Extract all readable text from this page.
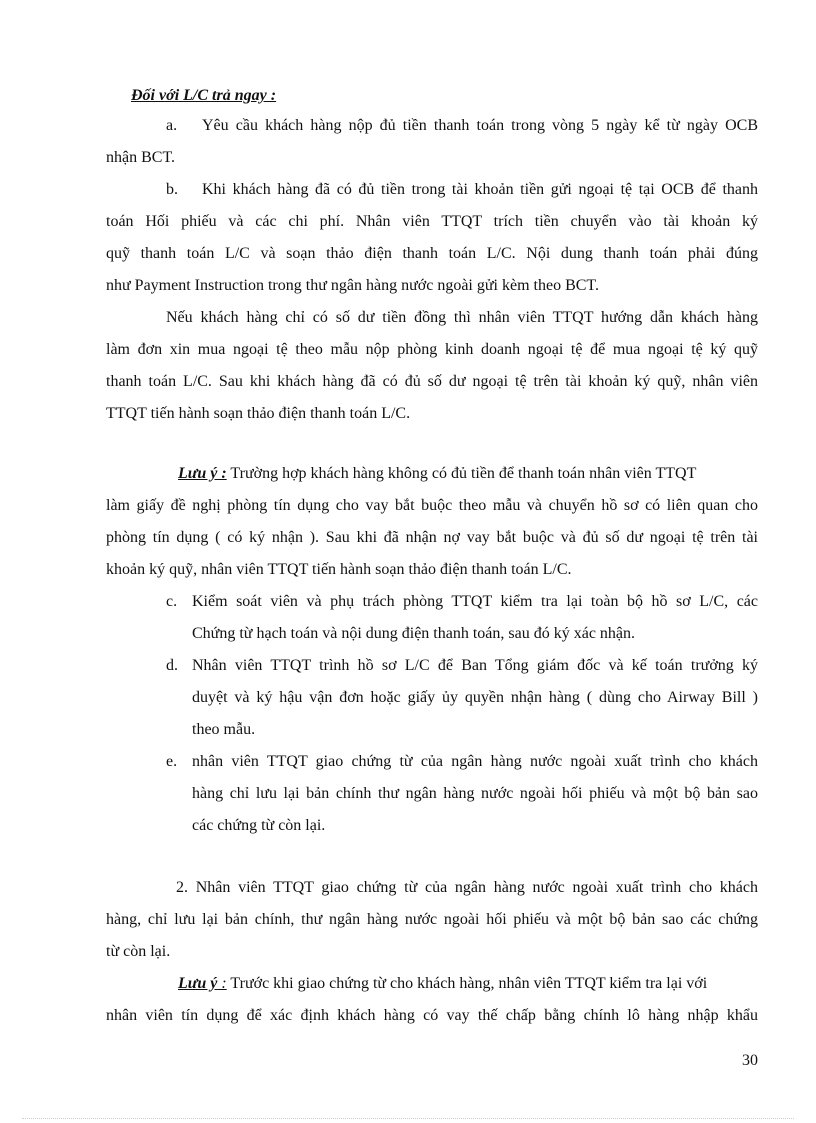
Đối với L/C trả ngay :
a. Yêu cầu khách hàng nộp đủ tiền thanh toán trong vòng 5 ngày kể từ ngày OCB
nhận BCT.
b. Khi khách hàng đã có đủ tiền trong tài khoản tiền gửi ngoại tệ tại OCB để thanh
toán Hối phiếu và các chi phí. Nhân viên TTQT trích tiền chuyển vào tài khoản ký
quỹ thanh toán L/C và soạn thảo điện thanh toán L/C. Nội dung thanh toán phải đúng
như Payment Instruction trong thư ngân hàng nước ngoài gửi kèm theo BCT.
Nếu khách hàng chỉ có số dư tiền đồng thì nhân viên TTQT hướng dẫn khách hàng
làm đơn xin mua ngoại tệ theo mẫu nộp phòng kinh doanh ngoại tệ để mua ngoại tệ ký quỹ
thanh toán L/C. Sau khi khách hàng đã có đủ số dư ngoại tệ trên tài khoản ký quỹ, nhân viên
TTQT tiến hành soạn thảo điện thanh toán L/C.
Lưu ý : Trường hợp khách hàng không có đủ tiền để thanh toán nhân viên TTQT
làm giấy đề nghị phòng tín dụng cho vay bắt buộc theo mẫu và chuyển hồ sơ có liên quan cho
phòng tín dụng ( có ký nhận ). Sau khi đã nhận nợ vay bắt buộc và đủ số dư ngoại tệ trên tài
khoản ký quỹ, nhân viên TTQT tiến hành soạn thảo điện thanh toán L/C.
c. Kiểm soát viên và phụ trách phòng TTQT kiểm tra lại toàn bộ hồ sơ L/C, các
Chứng từ hạch toán và nội dung điện thanh toán, sau đó ký xác nhận.
d. Nhân viên TTQT trình hồ sơ L/C để Ban Tổng giám đốc và kế toán trưởng ký
duyệt và ký hậu vận đơn hoặc giấy ủy quyền nhận hàng ( dùng cho Airway Bill )
theo mẫu.
e. nhân viên TTQT giao chứng từ của ngân hàng nước ngoài xuất trình cho khách
hàng chỉ lưu lại bản chính thư ngân hàng nước ngoài hối phiếu và một bộ bản sao
các chứng từ còn lại.
2. Nhân viên TTQT giao chứng từ của ngân hàng nước ngoài xuất trình cho khách
hàng, chỉ lưu lại bản chính, thư ngân hàng nước ngoài hối phiếu và một bộ bản sao các chứng
từ còn lại.
Lưu ý : Trước khi giao chứng từ cho khách hàng, nhân viên TTQT kiểm tra lại với
nhân viên tín dụng để xác định khách hàng có vay thế chấp bằng chính lô hàng nhập khẩu
30
